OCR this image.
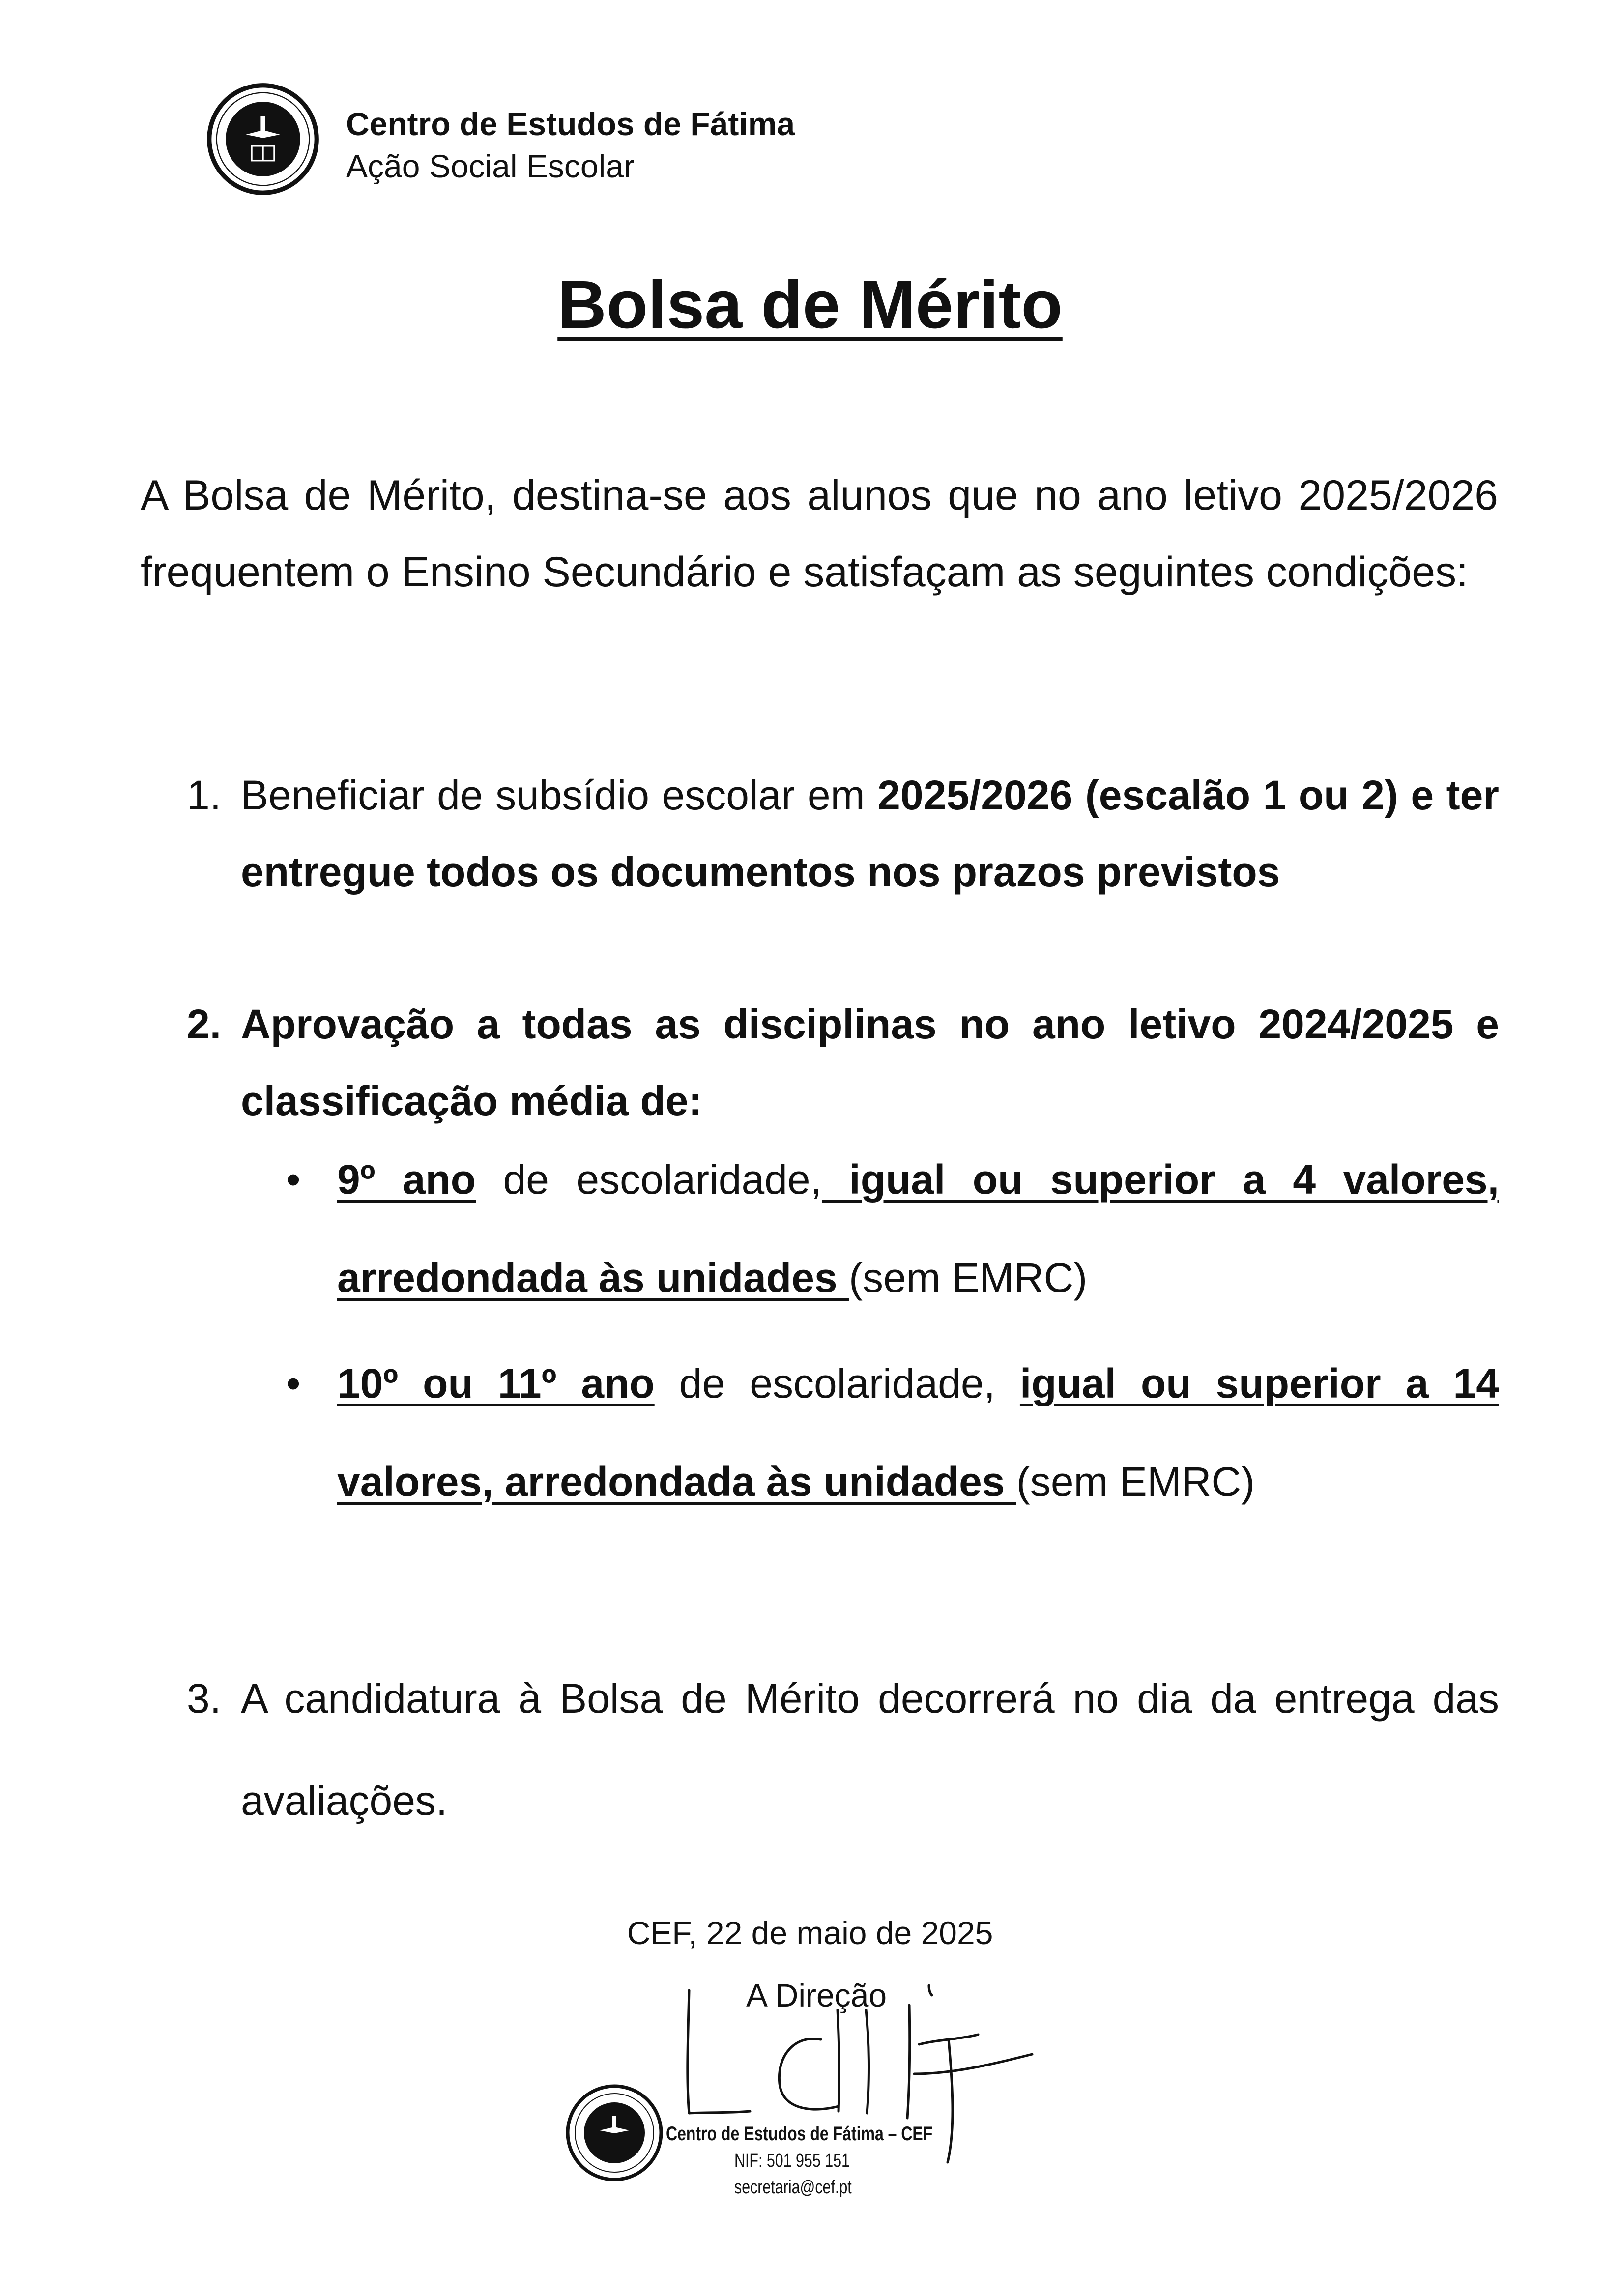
Centro de Estudos de Fátima
Ação Social Escolar
Bolsa de Mérito
A Bolsa de Mérito, destina-se aos alunos que no ano letivo 2025/2026 frequentem o Ensino Secundário e satisfaçam as seguintes condições:
1. Beneficiar de subsídio escolar em 2025/2026 (escalão 1 ou 2) e ter entregue todos os documentos nos prazos previstos
2. Aprovação a todas as disciplinas no ano letivo 2024/2025 e classificação média de:
• 9º ano de escolaridade, igual ou superior a 4 valores, arredondada às unidades (sem EMRC)
• 10º ou 11º ano de escolaridade, igual ou superior a 14 valores, arredondada às unidades (sem EMRC)
3. A candidatura à Bolsa de Mérito decorrerá no dia da entrega das avaliações.
CEF, 22 de maio de 2025
A Direção
Centro de Estudos de Fátima – CEF
NIF: 501 955 151
secretaria@cef.pt
